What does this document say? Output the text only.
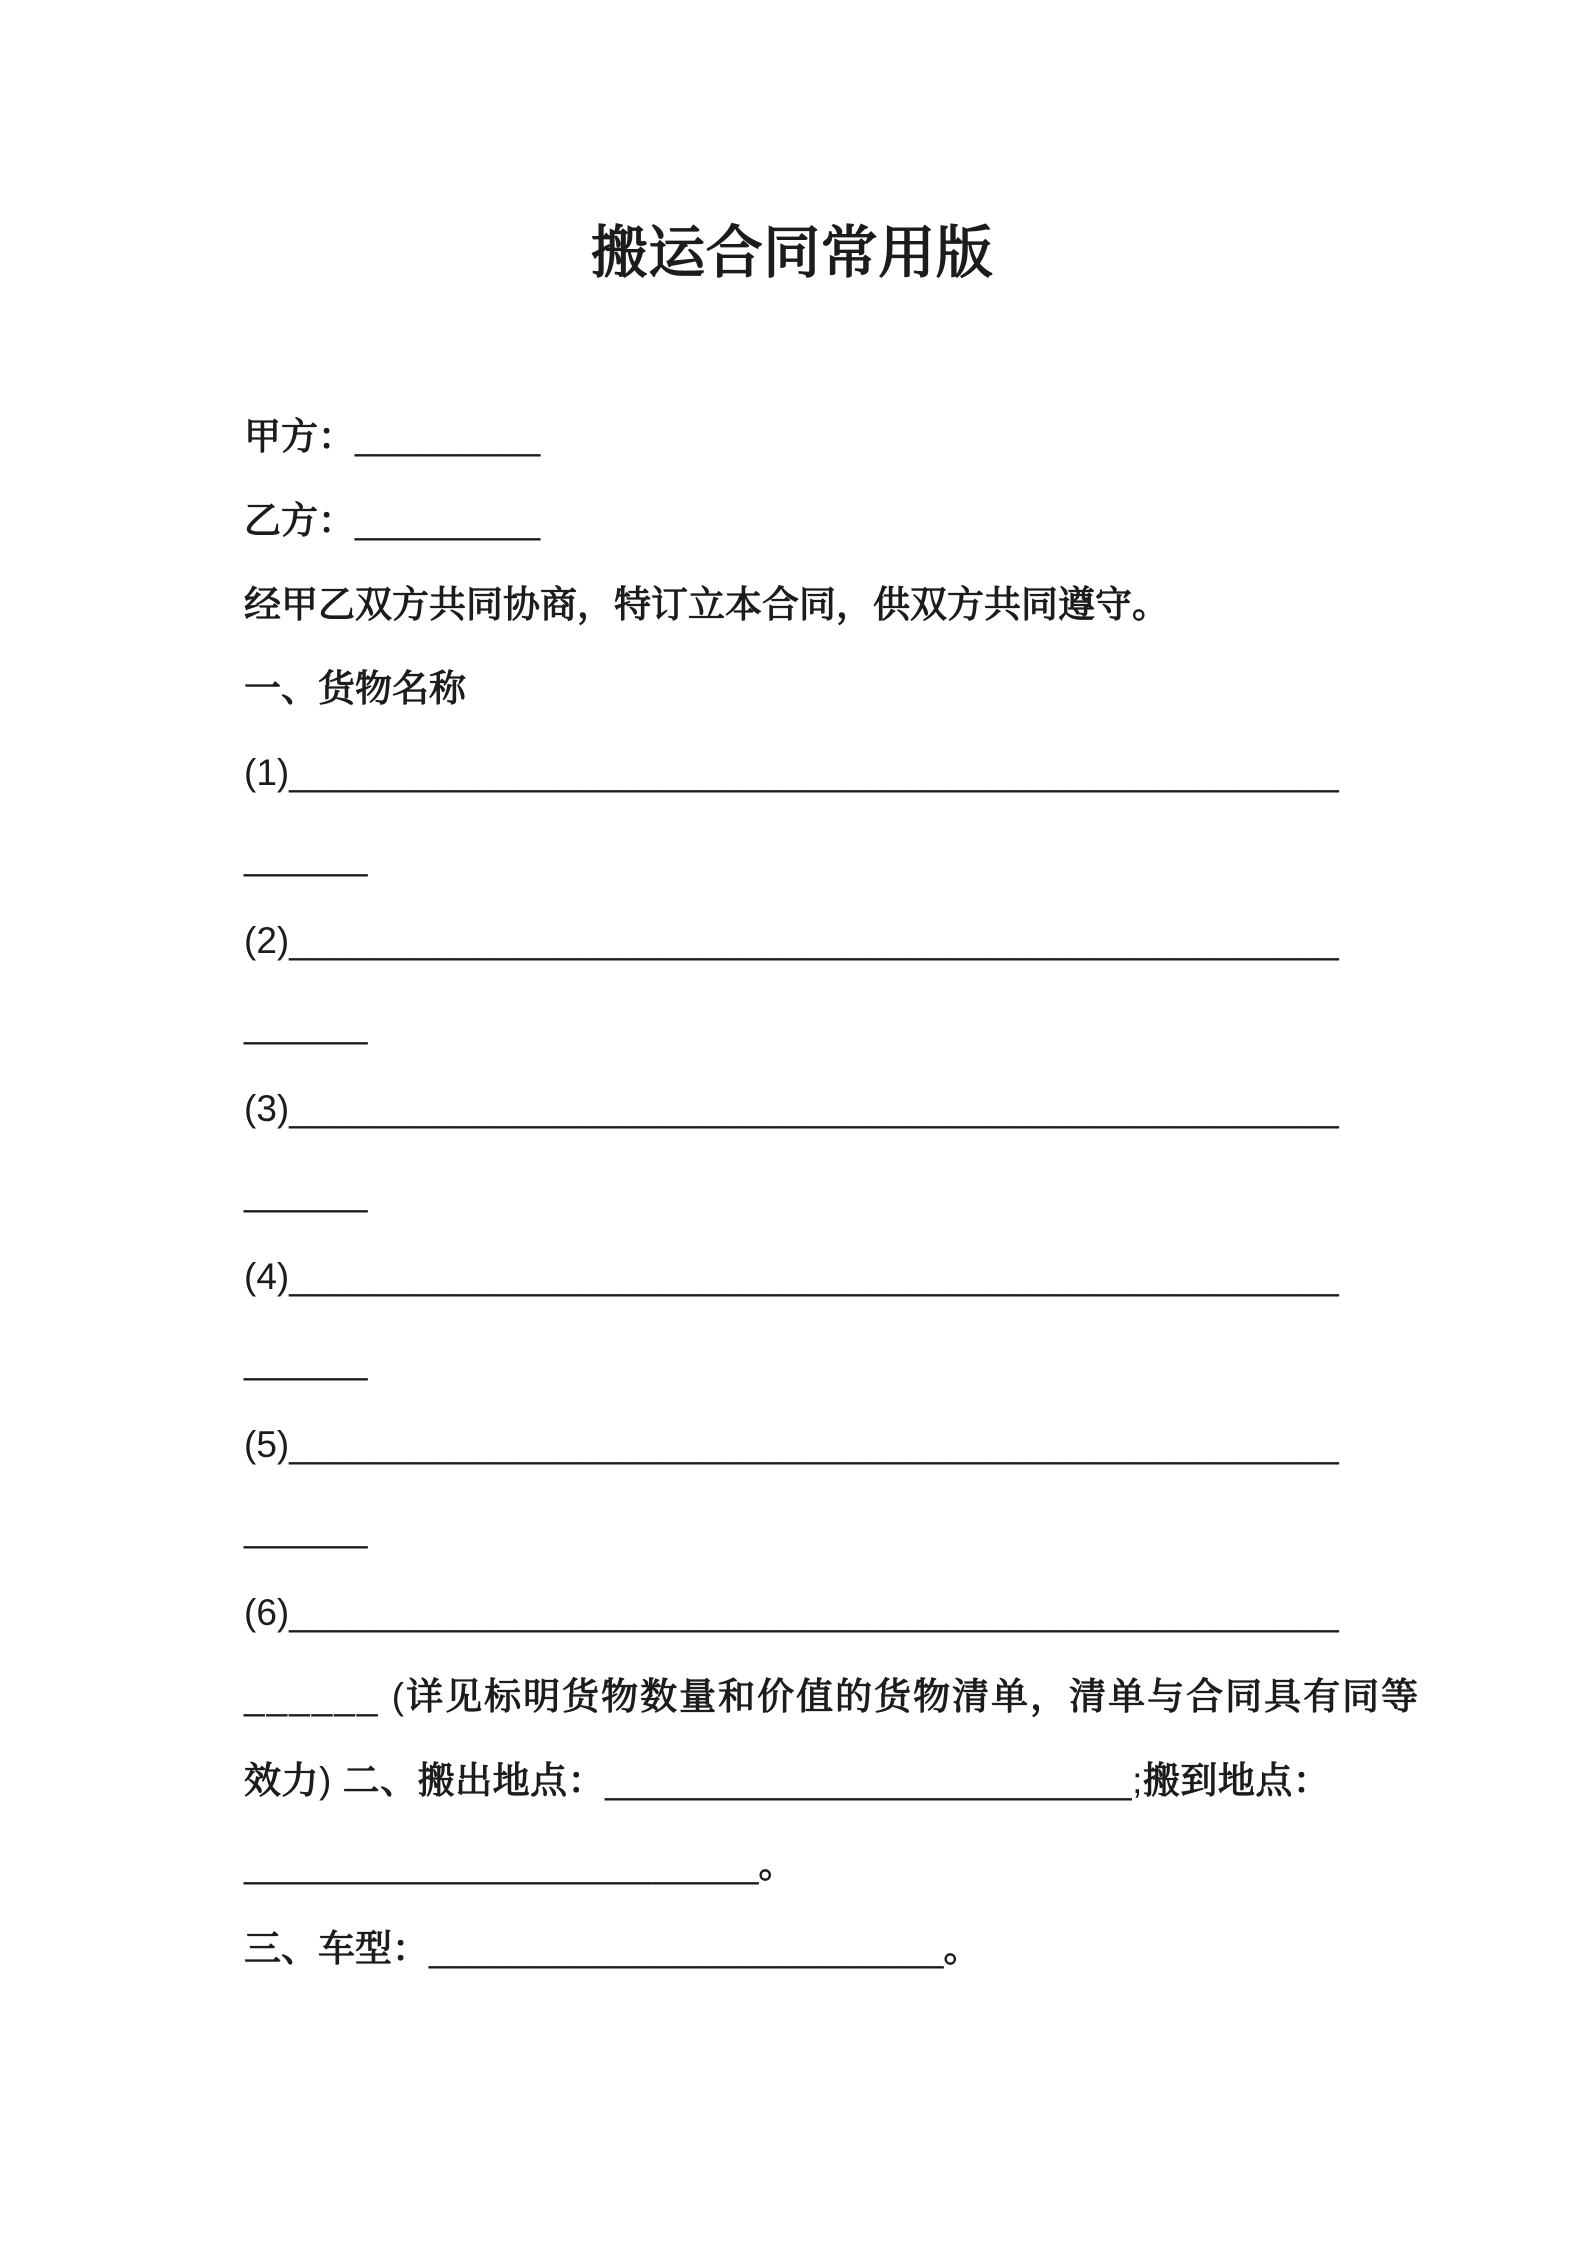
搬运合同常用版
甲方：_________
乙方：_________
经甲乙双方共同协商，特订立本合同，供双方共同遵守。
一、货物名称
(1)___________________________________________________
______
(2)___________________________________________________
______
(3)___________________________________________________
______
(4)___________________________________________________
______
(5)___________________________________________________
______
(6)___________________________________________________
______ (详见标明货物数量和价值的货物清单，清单与合同具有同等
效力) 二、搬出地点：_________________________;搬到地点：
_________________________。
三、车型：_________________________。
